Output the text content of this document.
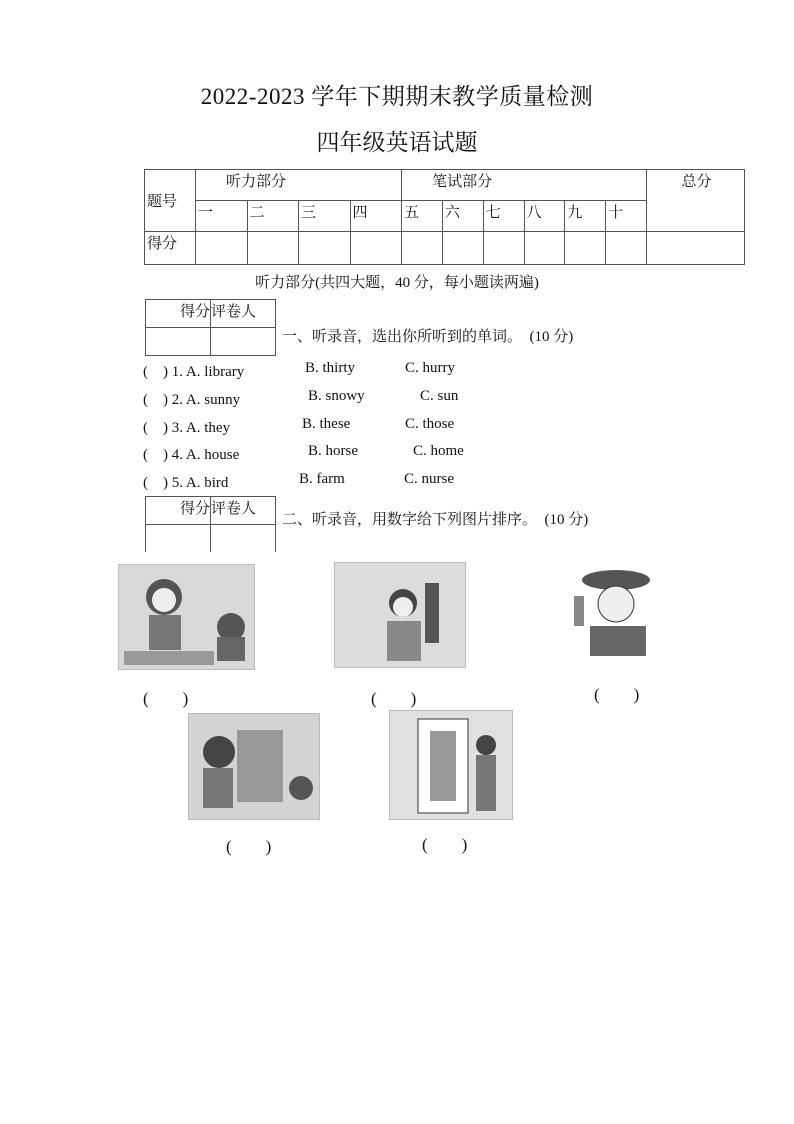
2022-2023 学年下期期末教学质量检测
四年级英语试题
题号	听力部分				笔试部分						总分
	一	二	三	四	五	六	七	八	九	十	
得分											
听力部分(共四大题，40 分，每小题读两遍)
得分	评卷人

一、听录音，选出你所听到的单词。　(10 分)
(　) 1. A. library	B. thirty	C. hurry
(　) 2. A. sunny	B. snowy	C. sun
(　) 3. A. they	B. these	C. those
(　) 4. A. house	B. horse	C. home
(　) 5. A. bird	B. farm	C. nurse
得分	评卷人

二、听录音，用数字给下列图片排序。　(10 分)
(　　)	(　　)	(　　)
(　　)	(　　)
